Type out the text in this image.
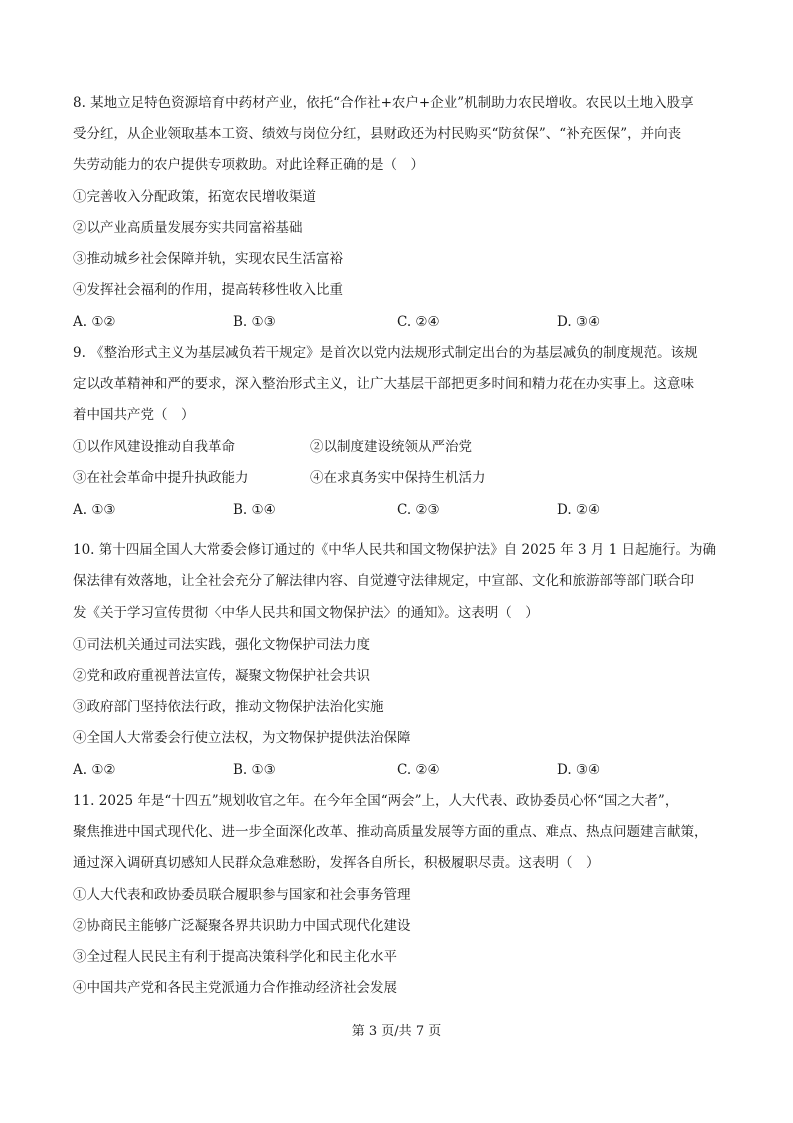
8. 某地立足特色资源培育中药材产业，依托“合作社+农户+企业”机制助力农民增收。农民以土地入股享
受分红，从企业领取基本工资、绩效与岗位分红，县财政还为村民购买“防贫保”、“补充医保”，并向丧
失劳动能力的农户提供专项救助。对此诠释正确的是（　）
①完善收入分配政策，拓宽农民增收渠道
②以产业高质量发展夯实共同富裕基础
③推动城乡社会保障并轨，实现农民生活富裕
④发挥社会福利的作用，提高转移性收入比重
A. ①②	B. ①③	C. ②④	D. ③④
9. 《整治形式主义为基层减负若干规定》是首次以党内法规形式制定出台的为基层减负的制度规范。该规
定以改革精神和严的要求，深入整治形式主义，让广大基层干部把更多时间和精力花在办实事上。这意味
着中国共产党（　）
①以作风建设推动自我革命	②以制度建设统领从严治党
③在社会革命中提升执政能力	④在求真务实中保持生机活力
A. ①③	B. ①④	C. ②③	D. ②④
10. 第十四届全国人大常委会修订通过的《中华人民共和国文物保护法》自 2025 年 3 月 1 日起施行。为确
保法律有效落地，让全社会充分了解法律内容、自觉遵守法律规定，中宣部、文化和旅游部等部门联合印
发《关于学习宣传贯彻〈中华人民共和国文物保护法〉的通知》。这表明（　）
①司法机关通过司法实践，强化文物保护司法力度
②党和政府重视普法宣传，凝聚文物保护社会共识
③政府部门坚持依法行政，推动文物保护法治化实施
④全国人大常委会行使立法权，为文物保护提供法治保障
A. ①②	B. ①③	C. ②④	D. ③④
11. 2025 年是“十四五”规划收官之年。在今年全国“两会”上，人大代表、政协委员心怀“国之大者”，
聚焦推进中国式现代化、进一步全面深化改革、推动高质量发展等方面的重点、难点、热点问题建言献策，
通过深入调研真切感知人民群众急难愁盼，发挥各自所长，积极履职尽责。这表明（　）
①人大代表和政协委员联合履职参与国家和社会事务管理
②协商民主能够广泛凝聚各界共识助力中国式现代化建设
③全过程人民民主有利于提高决策科学化和民主化水平
④中国共产党和各民主党派通力合作推动经济社会发展
第 3 页/共 7 页
